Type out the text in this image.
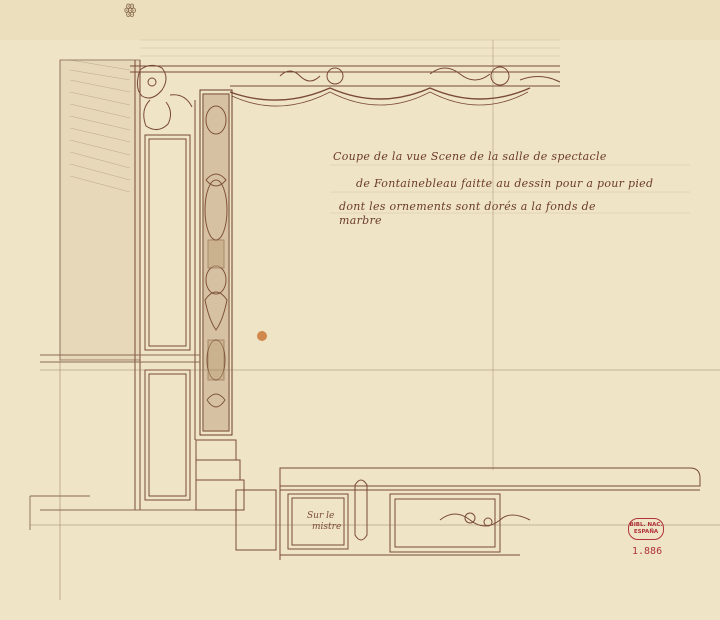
ꙮ
Coupe de la vue Scene de la salle de spectacle
de Fontainebleau faitte au dessin pour a pour pied
dont les ornements sont dorés a la fonds de
marbre
Sur le
mistre	BIBL. NAC.
ESPAÑA
1.886
